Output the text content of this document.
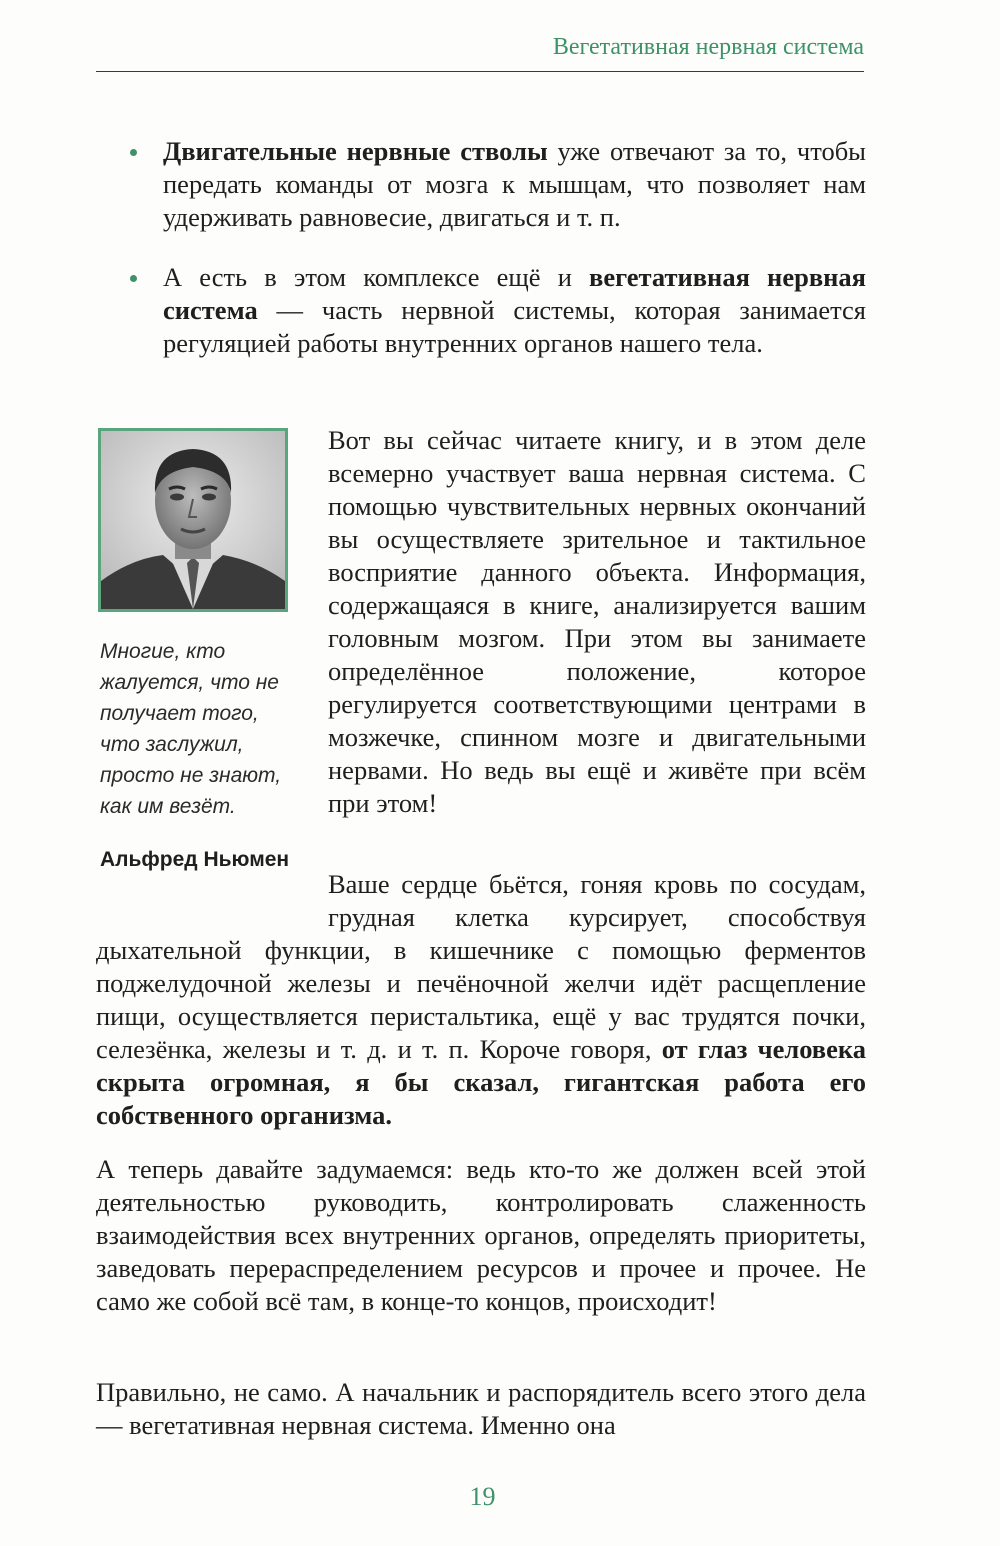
Вегетативная нервная система
Двигательные нервные стволы уже отвечают за то, чтобы передать команды от мозга к мышцам, что позволяет нам удерживать равновесие, двигаться и т. п.
А есть в этом комплексе ещё и вегетативная нервная система — часть нервной системы, которая занимается регуляцией работы внутренних органов нашего тела.

Многие, кто жалуется, что не получает того, что заслужил, просто не знают, как им везёт.

Альфред Ньюмен

Вот вы сейчас читаете книгу, и в этом деле всемерно участвует ваша нервная система. С помощью чувствительных нервных окончаний вы осуществляете зрительное и тактильное восприятие данного объекта. Информация, содержащаяся в книге, анализируется вашим головным мозгом. При этом вы занимаете определённое положение, которое регулируется соответствующими центрами в мозжечке, спинном мозге и двигательными нервами. Но ведь вы ещё и живёте при всём при этом!

Ваше сердце бьётся, гоняя кровь по сосудам, грудная клетка курсирует, способствуя дыхательной функции, в кишечнике с помощью ферментов поджелудочной железы и печёночной желчи идёт расщепление пищи, осуществляется перистальтика, ещё у вас трудятся почки, селезёнка, железы и т. д. и т. п. Короче говоря, от глаз человека скрыта огромная, я бы сказал, гигантская работа его собственного организма.

А теперь давайте задумаемся: ведь кто-то же должен всей этой деятельностью руководить, контролировать слаженность взаимодействия всех внутренних органов, определять приоритеты, заведовать перераспределением ресурсов и прочее и прочее. Не само же собой всё там, в конце-то концов, происходит!

Правильно, не само. А начальник и распорядитель всего этого дела — вегетативная нервная система. Именно она

19
